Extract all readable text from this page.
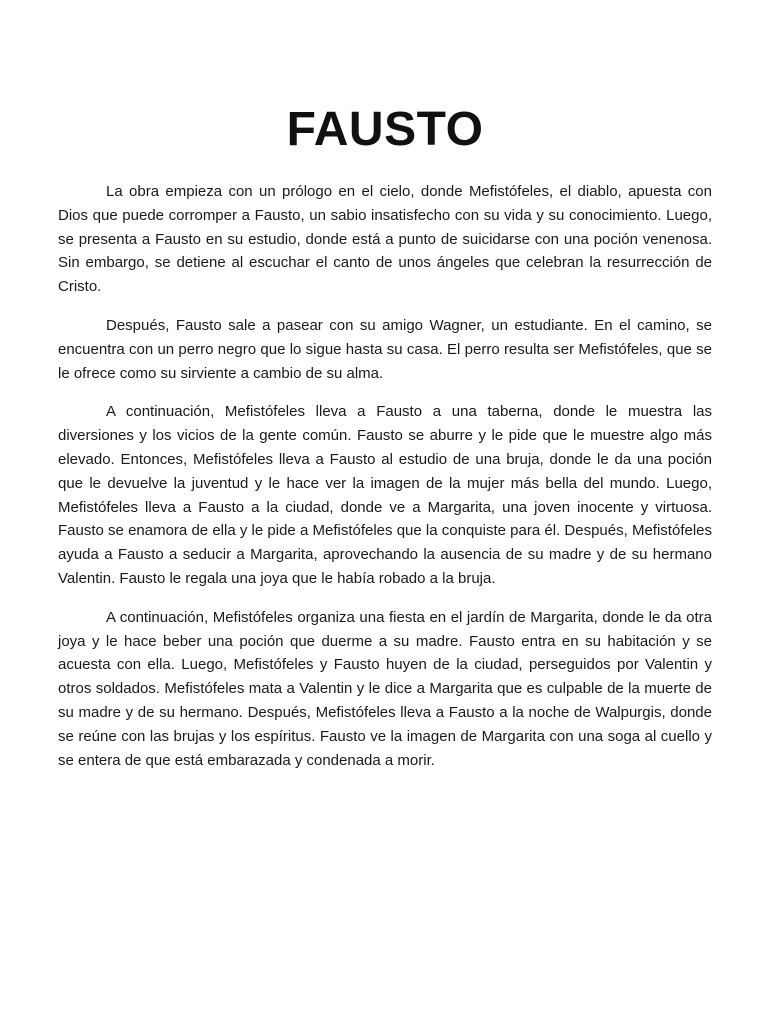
FAUSTO

La obra empieza con un prólogo en el cielo, donde Mefistófeles, el diablo, apuesta con Dios que puede corromper a Fausto, un sabio insatisfecho con su vida y su conocimiento. Luego, se presenta a Fausto en su estudio, donde está a punto de suicidarse con una poción venenosa. Sin embargo, se detiene al escuchar el canto de unos ángeles que celebran la resurrección de Cristo.

Después, Fausto sale a pasear con su amigo Wagner, un estudiante. En el camino, se encuentra con un perro negro que lo sigue hasta su casa. El perro resulta ser Mefistófeles, que se le ofrece como su sirviente a cambio de su alma.

A continuación, Mefistófeles lleva a Fausto a una taberna, donde le muestra las diversiones y los vicios de la gente común. Fausto se aburre y le pide que le muestre algo más elevado. Entonces, Mefistófeles lleva a Fausto al estudio de una bruja, donde le da una poción que le devuelve la juventud y le hace ver la imagen de la mujer más bella del mundo. Luego, Mefistófeles lleva a Fausto a la ciudad, donde ve a Margarita, una joven inocente y virtuosa. Fausto se enamora de ella y le pide a Mefistófeles que la conquiste para él. Después, Mefistófeles ayuda a Fausto a seducir a Margarita, aprovechando la ausencia de su madre y de su hermano Valentin. Fausto le regala una joya que le había robado a la bruja.

A continuación, Mefistófeles organiza una fiesta en el jardín de Margarita, donde le da otra joya y le hace beber una poción que duerme a su madre. Fausto entra en su habitación y se acuesta con ella. Luego, Mefistófeles y Fausto huyen de la ciudad, perseguidos por Valentin y otros soldados. Mefistófeles mata a Valentin y le dice a Margarita que es culpable de la muerte de su madre y de su hermano. Después, Mefistófeles lleva a Fausto a la noche de Walpurgis, donde se reúne con las brujas y los espíritus. Fausto ve la imagen de Margarita con una soga al cuello y se entera de que está embarazada y condenada a morir.
